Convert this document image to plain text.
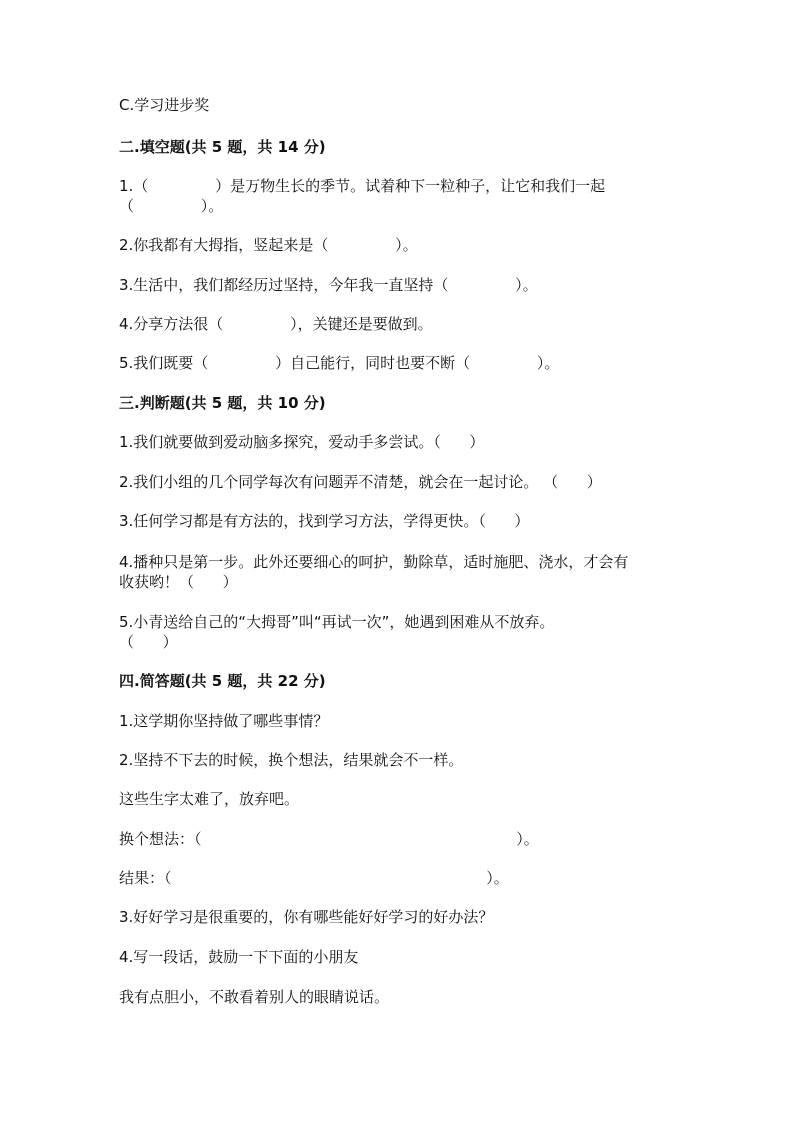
C.学习进步奖
二.填空题(共 5 题，共 14 分)
1.（              ）是万物生长的季节。试着种下一粒种子，让它和我们一起
（              ）。
2.你我都有大拇指，竖起来是（              ）。
3.生活中，我们都经历过坚持，今年我一直坚持（              ）。
4.分享方法很（              ），关键还是要做到。
5.我们既要（              ）自己能行，同时也要不断（              ）。
三.判断题(共 5 题，共 10 分)
1.我们就要做到爱动脑多探究，爱动手多尝试。（      ）
2.我们小组的几个同学每次有问题弄不清楚，就会在一起讨论。 （      ）
3.任何学习都是有方法的，找到学习方法，学得更快。（      ）
4.播种只是第一步。此外还要细心的呵护，勤除草，适时施肥、浇水，才会有
收获哟！（      ）
5.小青送给自己的“大拇哥”叫“再试一次”，她遇到困难从不放弃。
（      ）
四.简答题(共 5 题，共 22 分)
1.这学期你坚持做了哪些事情？
2.坚持不下去的时候，换个想法，结果就会不一样。
这些生字太难了，放弃吧。
换个想法：（                                                                  ）。
结果：（                                                                  ）。
3.好好学习是很重要的，你有哪些能好好学习的好办法？
4.写一段话，鼓励一下下面的小朋友
我有点胆小，不敢看着别人的眼睛说话。
